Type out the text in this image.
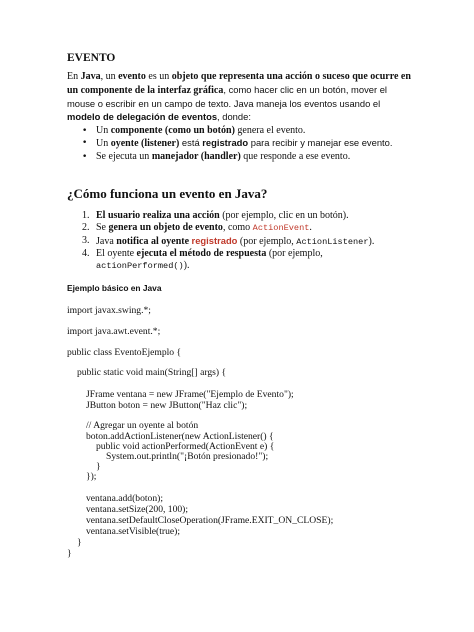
EVENTO

En Java, un evento es un objeto que representa una acción o suceso que ocurre en un componente de la interfaz gráfica, como hacer clic en un botón, mover el mouse o escribir en un campo de texto. Java maneja los eventos usando el modelo de delegación de eventos, donde:

• Un componente (como un botón) genera el evento.
• Un oyente (listener) está registrado para recibir y manejar ese evento.
• Se ejecuta un manejador (handler) que responde a ese evento.
¿Cómo funciona un evento en Java?
1. El usuario realiza una acción (por ejemplo, clic en un botón).
2. Se genera un objeto de evento, como ActionEvent.
3. Java notifica al oyente registrado (por ejemplo, ActionListener).
4. El oyente ejecuta el método de respuesta (por ejemplo, actionPerformed()).
Ejemplo básico en Java
import javax.swing.*;
import java.awt.event.*;
public class EventoEjemplo {
public static void main(String[] args) {
JFrame ventana = new JFrame("Ejemplo de Evento");
JButton boton = new JButton("Haz clic");
// Agregar un oyente al botón
boton.addActionListener(new ActionListener() {
public void actionPerformed(ActionEvent e) {
System.out.println("¡Botón presionado!");
}
});
ventana.add(boton);
ventana.setSize(200, 100);
ventana.setDefaultCloseOperation(JFrame.EXIT_ON_CLOSE);
ventana.setVisible(true);
}
}
